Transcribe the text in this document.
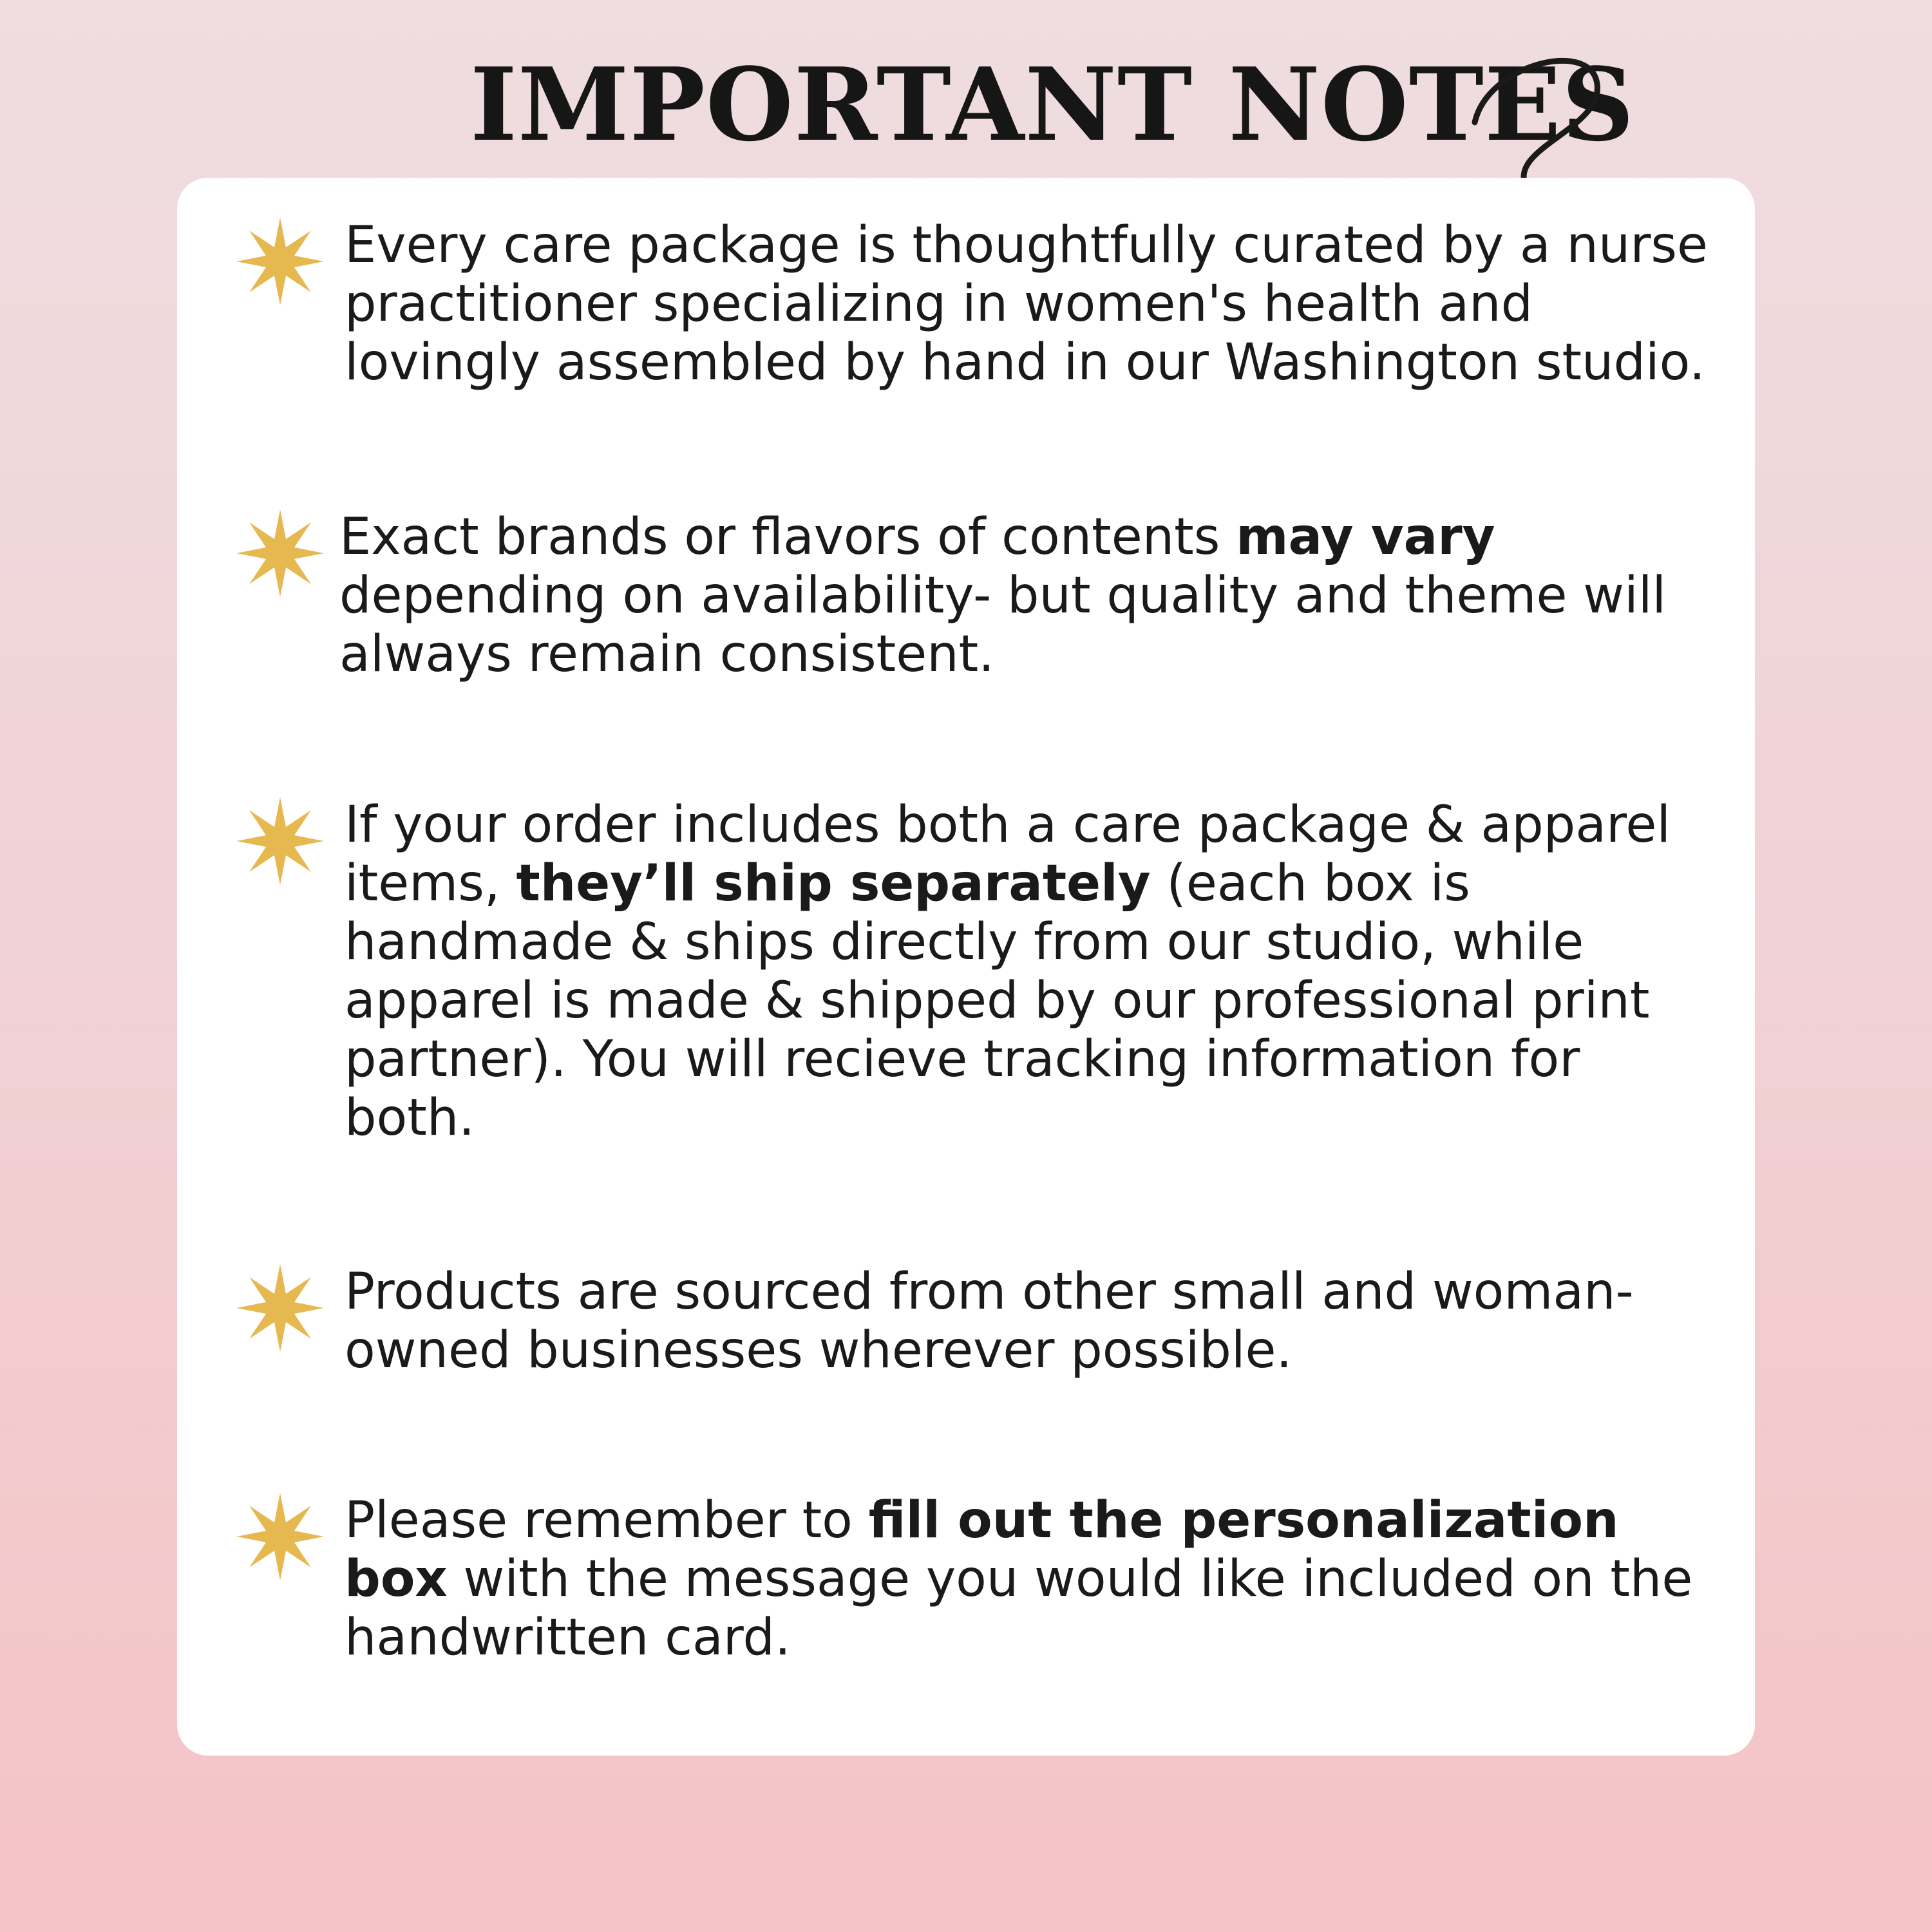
IMPORTANT NOTES
Every care package is thoughtfully curated by a nurse practitioner specializing in women's health and lovingly assembled by hand in our Washington studio.
Exact brands or flavors of contents may vary depending on availability- but quality and theme will always remain consistent.
If your order includes both a care package & apparel items, they’ll ship separately (each box is handmade & ships directly from our studio, while apparel is made & shipped by our professional print partner). You will recieve tracking information for both.
Products are sourced from other small and woman-owned businesses wherever possible.
Please remember to fill out the personalization box with the message you would like included on the handwritten card.
